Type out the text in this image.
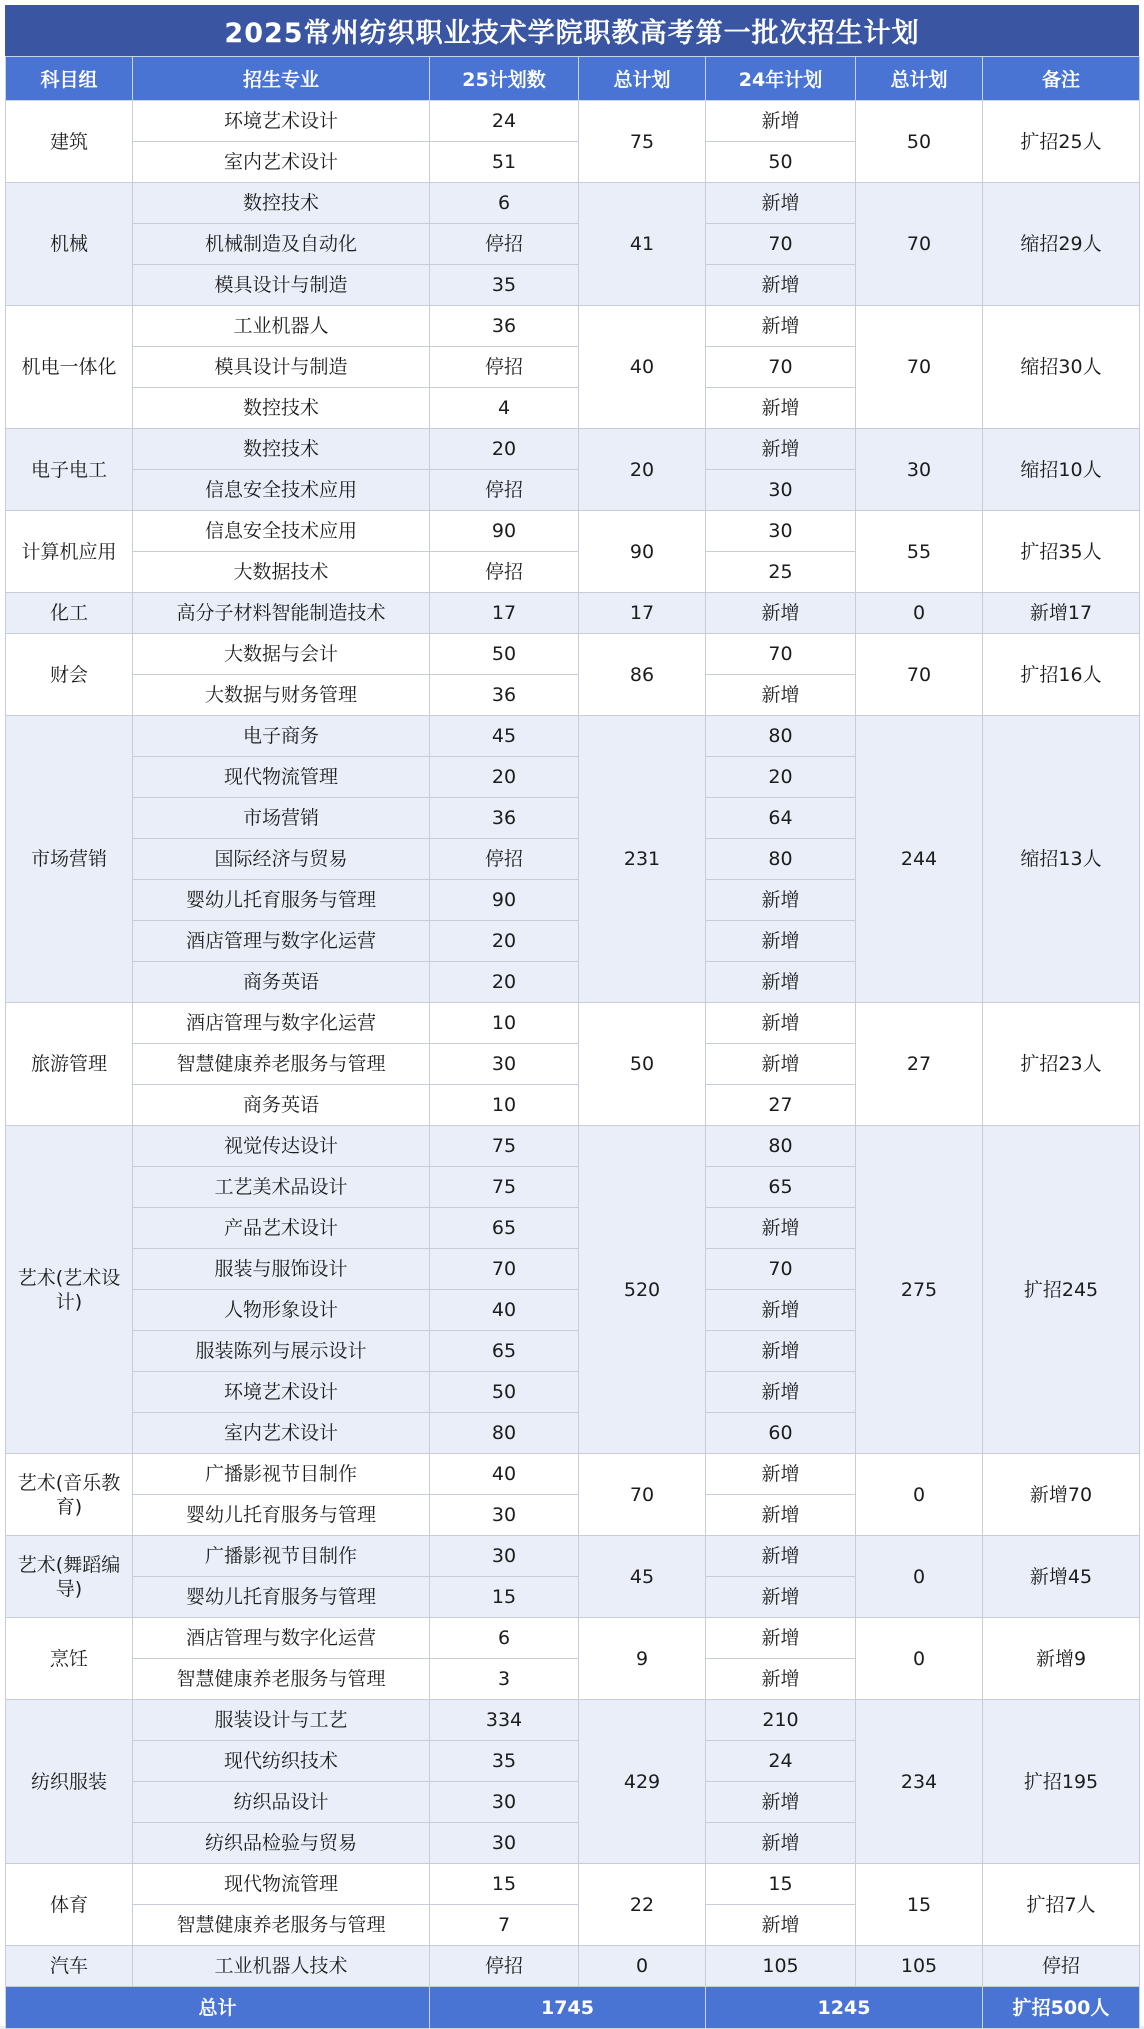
2025常州纺织职业技术学院职教高考第一批次招生计划
科目组	招生专业	25计划数	总计划	24年计划	总计划	备注
建筑	环境艺术设计	24	75	新增	50	扩招25人
	室内艺术设计	51		50		
机械	数控技术	6	41	新增	70	缩招29人
	机械制造及自动化	停招		70		
	模具设计与制造	35		新增		
机电一体化	工业机器人	36	40	新增	70	缩招30人
	模具设计与制造	停招		70		
	数控技术	4		新增		
电子电工	数控技术	20	20	新增	30	缩招10人
	信息安全技术应用	停招		30		
计算机应用	信息安全技术应用	90	90	30	55	扩招35人
	大数据技术	停招		25		
化工	高分子材料智能制造技术	17	17	新增	0	新增17
财会	大数据与会计	50	86	70	70	扩招16人
	大数据与财务管理	36		新增		
市场营销	电子商务	45	231	80	244	缩招13人
	现代物流管理	20		20		
	市场营销	36		64		
	国际经济与贸易	停招		80		
	婴幼儿托育服务与管理	90		新增		
	酒店管理与数字化运营	20		新增		
	商务英语	20		新增		
旅游管理	酒店管理与数字化运营	10	50	新增	27	扩招23人
	智慧健康养老服务与管理	30		新增		
	商务英语	10		27		
艺术(艺术设计)	视觉传达设计	75	520	80	275	扩招245
	工艺美术品设计	75		65		
	产品艺术设计	65		新增		
	服装与服饰设计	70		70		
	人物形象设计	40		新增		
	服装陈列与展示设计	65		新增		
	环境艺术设计	50		新增		
	室内艺术设计	80		60		
艺术(音乐教育)	广播影视节目制作	40	70	新增	0	新增70
	婴幼儿托育服务与管理	30		新增		
艺术(舞蹈编导)	广播影视节目制作	30	45	新增	0	新增45
	婴幼儿托育服务与管理	15		新增		
烹饪	酒店管理与数字化运营	6	9	新增	0	新增9
	智慧健康养老服务与管理	3		新增		
纺织服装	服装设计与工艺	334	429	210	234	扩招195
	现代纺织技术	35		24		
	纺织品设计	30		新增		
	纺织品检验与贸易	30		新增		
体育	现代物流管理	15	22	15	15	扩招7人
	智慧健康养老服务与管理	7		新增		
汽车	工业机器人技术	停招	0	105	105	停招
总计		1745		1245		扩招500人
